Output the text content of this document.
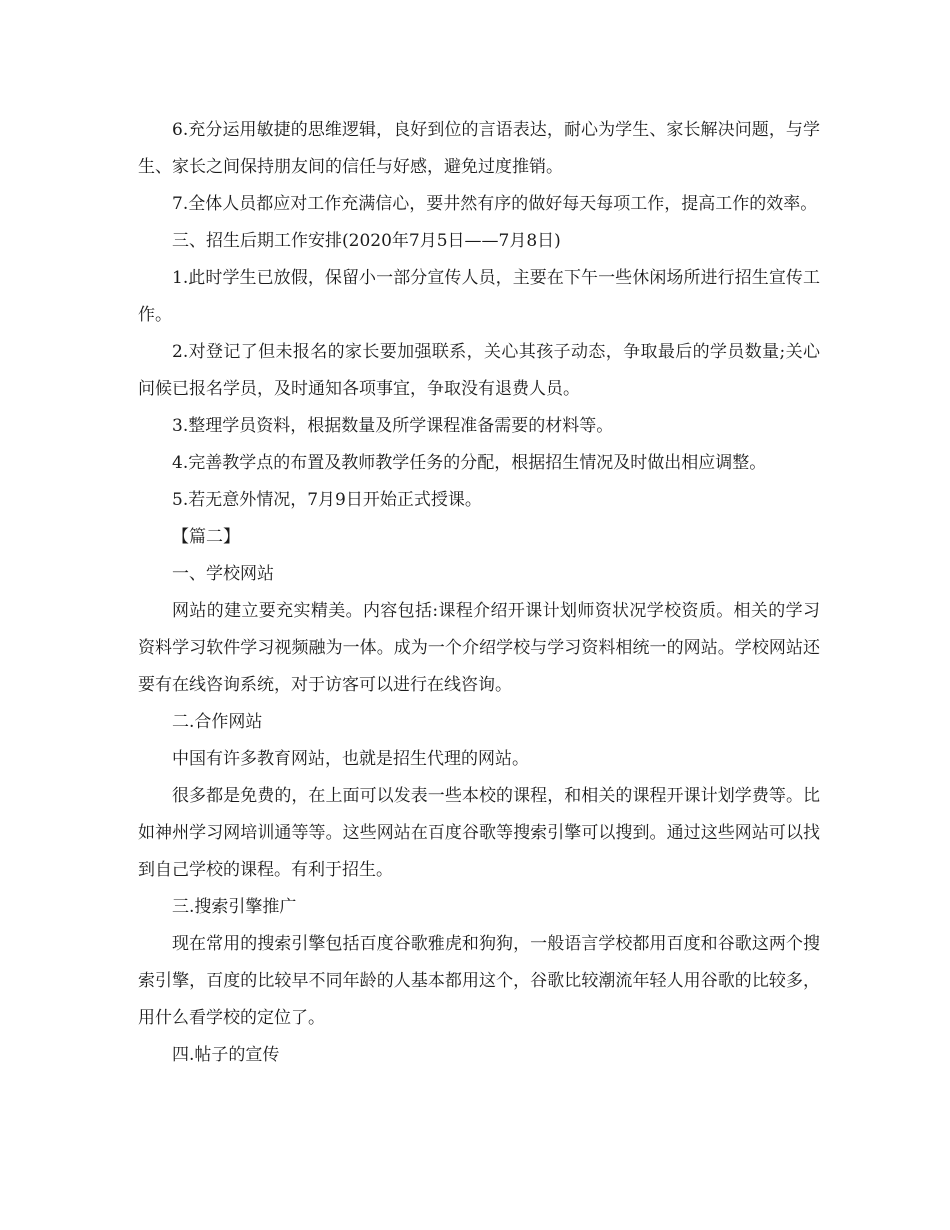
6.充分运用敏捷的思维逻辑，良好到位的言语表达，耐心为学生、家长解决问题，与学生、家长之间保持朋友间的信任与好感，避免过度推销。

7.全体人员都应对工作充满信心，要井然有序的做好每天每项工作，提高工作的效率。

三、招生后期工作安排(2020年7月5日——7月8日)

1.此时学生已放假，保留小一部分宣传人员，主要在下午一些休闲场所进行招生宣传工作。

2.对登记了但未报名的家长要加强联系，关心其孩子动态，争取最后的学员数量;关心问候已报名学员，及时通知各项事宜，争取没有退费人员。

3.整理学员资料，根据数量及所学课程准备需要的材料等。

4.完善教学点的布置及教师教学任务的分配，根据招生情况及时做出相应调整。

5.若无意外情况，7月9日开始正式授课。

【篇二】

一、学校网站

网站的建立要充实精美。内容包括:课程介绍开课计划师资状况学校资质。相关的学习资料学习软件学习视频融为一体。成为一个介绍学校与学习资料相统一的网站。学校网站还要有在线咨询系统，对于访客可以进行在线咨询。

二.合作网站

中国有许多教育网站，也就是招生代理的网站。

很多都是免费的，在上面可以发表一些本校的课程，和相关的课程开课计划学费等。比如神州学习网培训通等等。这些网站在百度谷歌等搜索引擎可以搜到。通过这些网站可以找到自己学校的课程。有利于招生。

三.搜索引擎推广

现在常用的搜索引擎包括百度谷歌雅虎和狗狗，一般语言学校都用百度和谷歌这两个搜索引擎，百度的比较早不同年龄的人基本都用这个，谷歌比较潮流年轻人用谷歌的比较多，用什么看学校的定位了。

四.帖子的宣传
